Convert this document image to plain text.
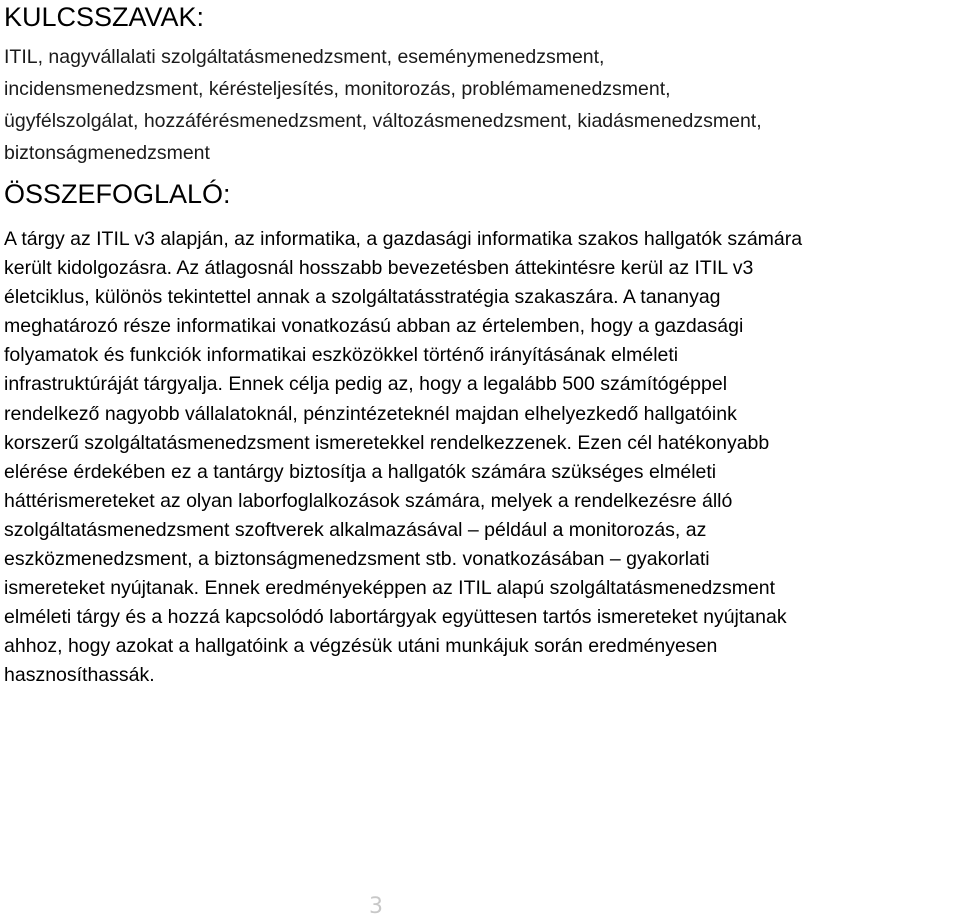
KULCSSZAVAK:
ITIL, nagyvállalati szolgáltatásmenedzsment, eseménymenedzsment,
incidensmenedzsment, kérésteljesítés, monitorozás, problémamenedzsment,
ügyfélszolgálat, hozzáférésmenedzsment, változásmenedzsment, kiadásmenedzsment,
biztonságmenedzsment
ÖSSZEFOGLALÓ:
A tárgy az ITIL v3 alapján, az informatika, a gazdasági informatika szakos hallgatók számára
került kidolgozásra. Az átlagosnál hosszabb bevezetésben áttekintésre kerül az ITIL v3
életciklus, különös tekintettel annak a szolgáltatásstratégia szakaszára. A tananyag
meghatározó része informatikai vonatkozású abban az értelemben, hogy a gazdasági
folyamatok és funkciók informatikai eszközökkel történő irányításának elméleti
infrastruktúráját tárgyalja. Ennek célja pedig az, hogy a legalább 500 számítógéppel
rendelkező nagyobb vállalatoknál, pénzintézeteknél majdan elhelyezkedő hallgatóink
korszerű szolgáltatásmenedzsment ismeretekkel rendelkezzenek. Ezen cél hatékonyabb
elérése érdekében ez a tantárgy biztosítja a hallgatók számára szükséges elméleti
háttérismereteket az olyan laborfoglalkozások számára, melyek a rendelkezésre álló
szolgáltatásmenedzsment szoftverek alkalmazásával – például a monitorozás, az
eszközmenedzsment, a biztonságmenedzsment stb. vonatkozásában – gyakorlati
ismereteket nyújtanak. Ennek eredményeképpen az ITIL alapú szolgáltatásmenedzsment
elméleti tárgy és a hozzá kapcsolódó labortárgyak együttesen tartós ismereteket nyújtanak
ahhoz, hogy azokat a hallgatóink a végzésük utáni munkájuk során eredményesen
hasznosíthassák.
3
